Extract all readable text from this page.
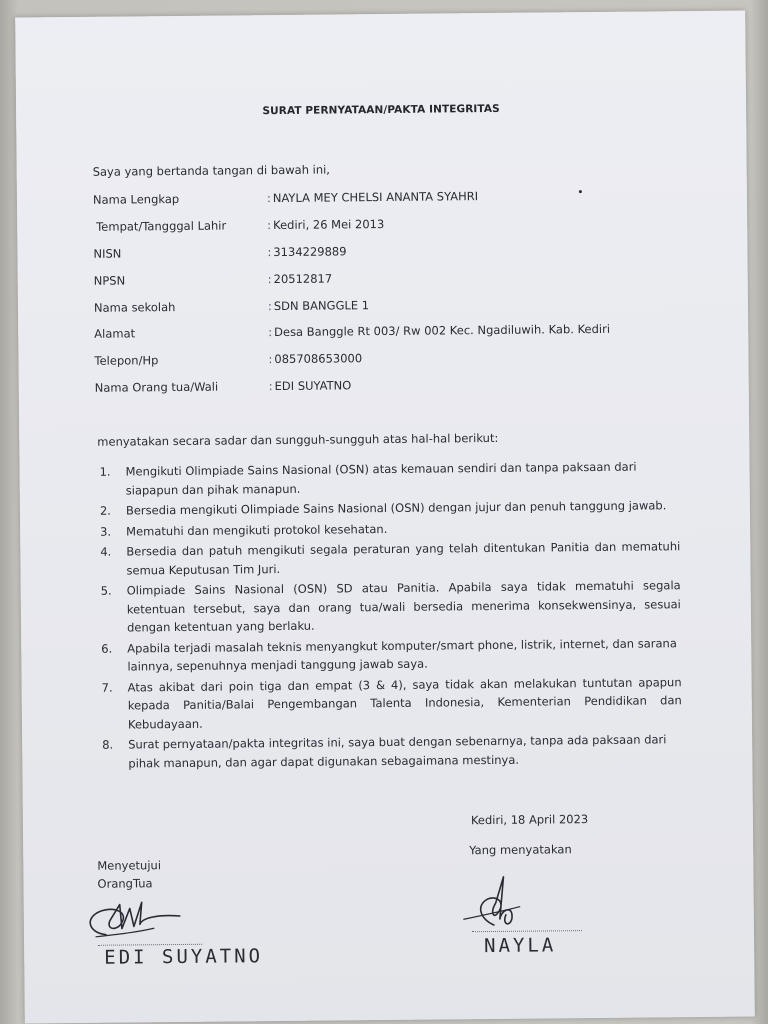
SURAT PERNYATAAN/PAKTA INTEGRITAS
Saya yang bertanda tangan di bawah ini,
Nama Lengkap	: NAYLA MEY CHELSI ANANTA SYAHRI
Tempat/Tangggal Lahir	: Kediri, 26 Mei 2013
NISN	: 3134229889
NPSN	: 20512817
Nama sekolah	: SDN BANGGLE 1
Alamat	: Desa Banggle Rt 003/ Rw 002 Kec. Ngadiluwih. Kab. Kediri
Telepon/Hp	: 085708653000
Nama Orang tua/Wali	: EDI SUYATNO
menyatakan secara sadar dan sungguh-sungguh atas hal-hal berikut:
1. Mengikuti Olimpiade Sains Nasional (OSN) atas kemauan sendiri dan tanpa paksaan dari siapapun dan pihak manapun.
2. Bersedia mengikuti Olimpiade Sains Nasional (OSN) dengan jujur dan penuh tanggung jawab.
3. Mematuhi dan mengikuti protokol kesehatan.
4. Bersedia dan patuh mengikuti segala peraturan yang telah ditentukan Panitia dan mematuhi semua Keputusan Tim Juri.
5. Olimpiade Sains Nasional (OSN) SD atau Panitia. Apabila saya tidak mematuhi segala ketentuan tersebut, saya dan orang tua/wali bersedia menerima konsekwensinya, sesuai dengan ketentuan yang berlaku.
6. Apabila terjadi masalah teknis menyangkut komputer/smart phone, listrik, internet, dan sarana lainnya, sepenuhnya menjadi tanggung jawab saya.
7. Atas akibat dari poin tiga dan empat (3 & 4), saya tidak akan melakukan tuntutan apapun kepada Panitia/Balai Pengembangan Talenta Indonesia, Kementerian Pendidikan dan Kebudayaan.
8. Surat pernyataan/pakta integritas ini, saya buat dengan sebenarnya, tanpa ada paksaan dari pihak manapun, dan agar dapat digunakan sebagaimana mestinya.
Kediri, 18 April 2023
Yang menyatakan
Menyetujui
OrangTua
EDI SUYATNO	NAYLA
